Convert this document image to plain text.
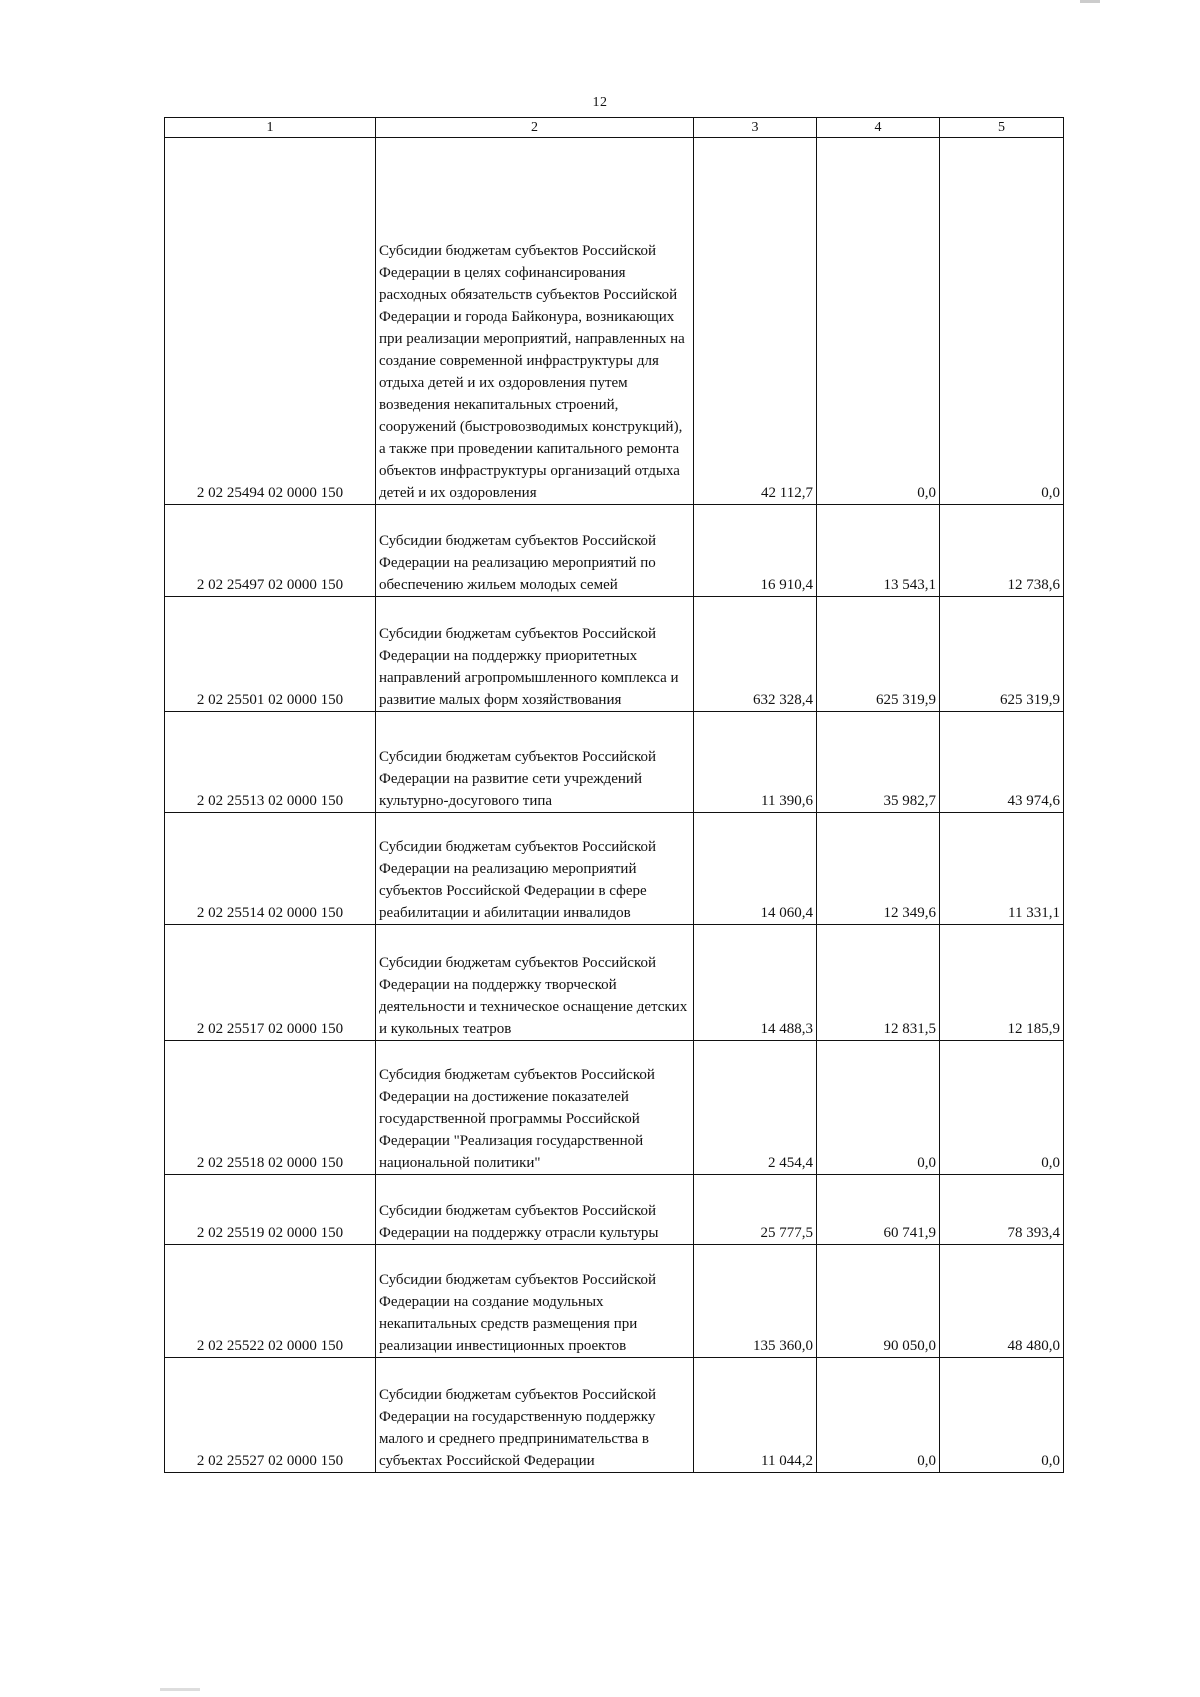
12
1	2	3	4	5
2 02 25494 02 0000 150	Субсидии бюджетам субъектов Российской Федерации в целях софинансирования расходных обязательств субъектов Российской Федерации и города Байконура, возникающих при реализации мероприятий, направленных на создание современной инфраструктуры для отдыха детей и их оздоровления путем возведения некапитальных строений, сооружений (быстровозводимых конструкций), а также при проведении капитального ремонта объектов инфраструктуры организаций отдыха детей и их оздоровления	42 112,7	0,0	0,0
2 02 25497 02 0000 150	Субсидии бюджетам субъектов Российской Федерации на реализацию мероприятий по обеспечению жильем молодых семей	16 910,4	13 543,1	12 738,6
2 02 25501 02 0000 150	Субсидии бюджетам субъектов Российской Федерации на поддержку приоритетных направлений агропромышленного комплекса и развитие малых форм хозяйствования	632 328,4	625 319,9	625 319,9
2 02 25513 02 0000 150	Субсидии бюджетам субъектов Российской Федерации на развитие сети учреждений культурно-досугового типа	11 390,6	35 982,7	43 974,6
2 02 25514 02 0000 150	Субсидии бюджетам субъектов Российской Федерации на реализацию мероприятий субъектов Российской Федерации в сфере реабилитации и абилитации инвалидов	14 060,4	12 349,6	11 331,1
2 02 25517 02 0000 150	Субсидии бюджетам субъектов Российской Федерации на поддержку творческой деятельности и техническое оснащение детских и кукольных театров	14 488,3	12 831,5	12 185,9
2 02 25518 02 0000 150	Субсидия бюджетам субъектов Российской Федерации на достижение показателей государственной программы Российской Федерации "Реализация государственной национальной политики"	2 454,4	0,0	0,0
2 02 25519 02 0000 150	Субсидии бюджетам субъектов Российской Федерации на поддержку отрасли культуры	25 777,5	60 741,9	78 393,4
2 02 25522 02 0000 150	Субсидии бюджетам субъектов Российской Федерации на создание модульных некапитальных средств размещения при реализации инвестиционных проектов	135 360,0	90 050,0	48 480,0
2 02 25527 02 0000 150	Субсидии бюджетам субъектов Российской Федерации на государственную поддержку малого и среднего предпринимательства в субъектах Российской Федерации	11 044,2	0,0	0,0
